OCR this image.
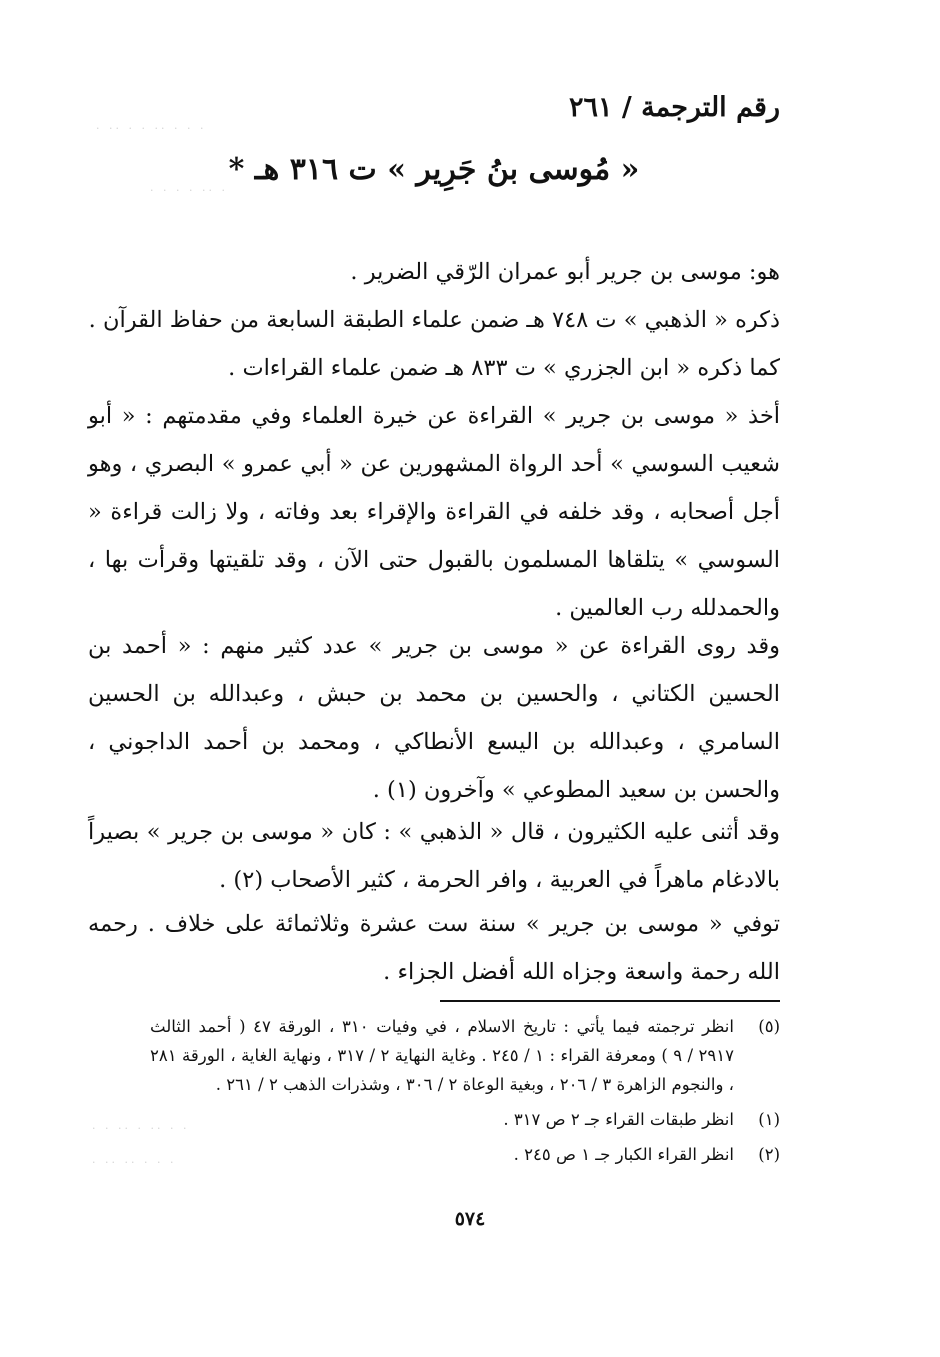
· ·· · · ·· · · ·
· · · · ·· ·
· · ·· · ·· · ·
· ·· ·· · · ·
رقم الترجمة / ٢٦١
« مُوسى بنُ جَرِير » ت ٣١٦ هـ *

هو: موسى بن جرير أبو عمران الرّقي الضرير .

ذكره « الذهبي » ت ٧٤٨ هـ ضمن علماء الطبقة السابعة من حفاظ القرآن .
كما ذكره « ابن الجزري » ت ٨٣٣ هـ ضمن علماء القراءات .

أخذ « موسى بن جرير » القراءة عن خيرة العلماء وفي مقدمتهم : « أبو شعيب السوسي » أحد الرواة المشهورين عن « أبي عمرو » البصري ، وهو أجل أصحابه ، وقد خلفه في القراءة والإقراء بعد وفاته ، ولا زالت قراءة « السوسي » يتلقاها المسلمون بالقبول حتى الآن ، وقد تلقيتها وقرأت بها ، والحمدلله رب العالمين .

وقد روى القراءة عن « موسى بن جرير » عدد كثير منهم : « أحمد بن الحسين الكتاني ، والحسين بن محمد بن حبش ، وعبدالله بن الحسين السامري ، وعبدالله بن اليسع الأنطاكي ، ومحمد بن أحمد الداجوني ، والحسن بن سعيد المطوعي » وآخرون (١) .

وقد أثنى عليه الكثيرون ، قال « الذهبي » : كان « موسى بن جرير » بصيراً بالادغام ماهراً في العربية ، وافر الحرمة ، كثير الأصحاب (٢) .

توفي « موسى بن جرير » سنة ست عشرة وثلاثمائة على خلاف . رحمه الله رحمة واسعة وجزاه الله أفضل الجزاء .

(٥)
انظر ترجمته فيما يأتي : تاريخ الاسلام ، في وفيات ٣١٠ ، الورقة ٤٧ ( أحمد الثالث ٢٩١٧ / ٩ ) ومعرفة القراء : ١ / ٢٤٥ . وغاية النهاية ٢ / ٣١٧ ، ونهاية الغاية ، الورقة ٢٨١ ، والنجوم الزاهرة ٣ / ٢٠٦ ، وبغية الوعاة ٢ / ٣٠٦ ، وشذرات الذهب ٢ / ٢٦١ .
(١)
انظر طبقات القراء جـ ٢ ص ٣١٧ .
(٢)
انظر القراء الكبار جـ ١ ص ٢٤٥ .
٥٧٤
